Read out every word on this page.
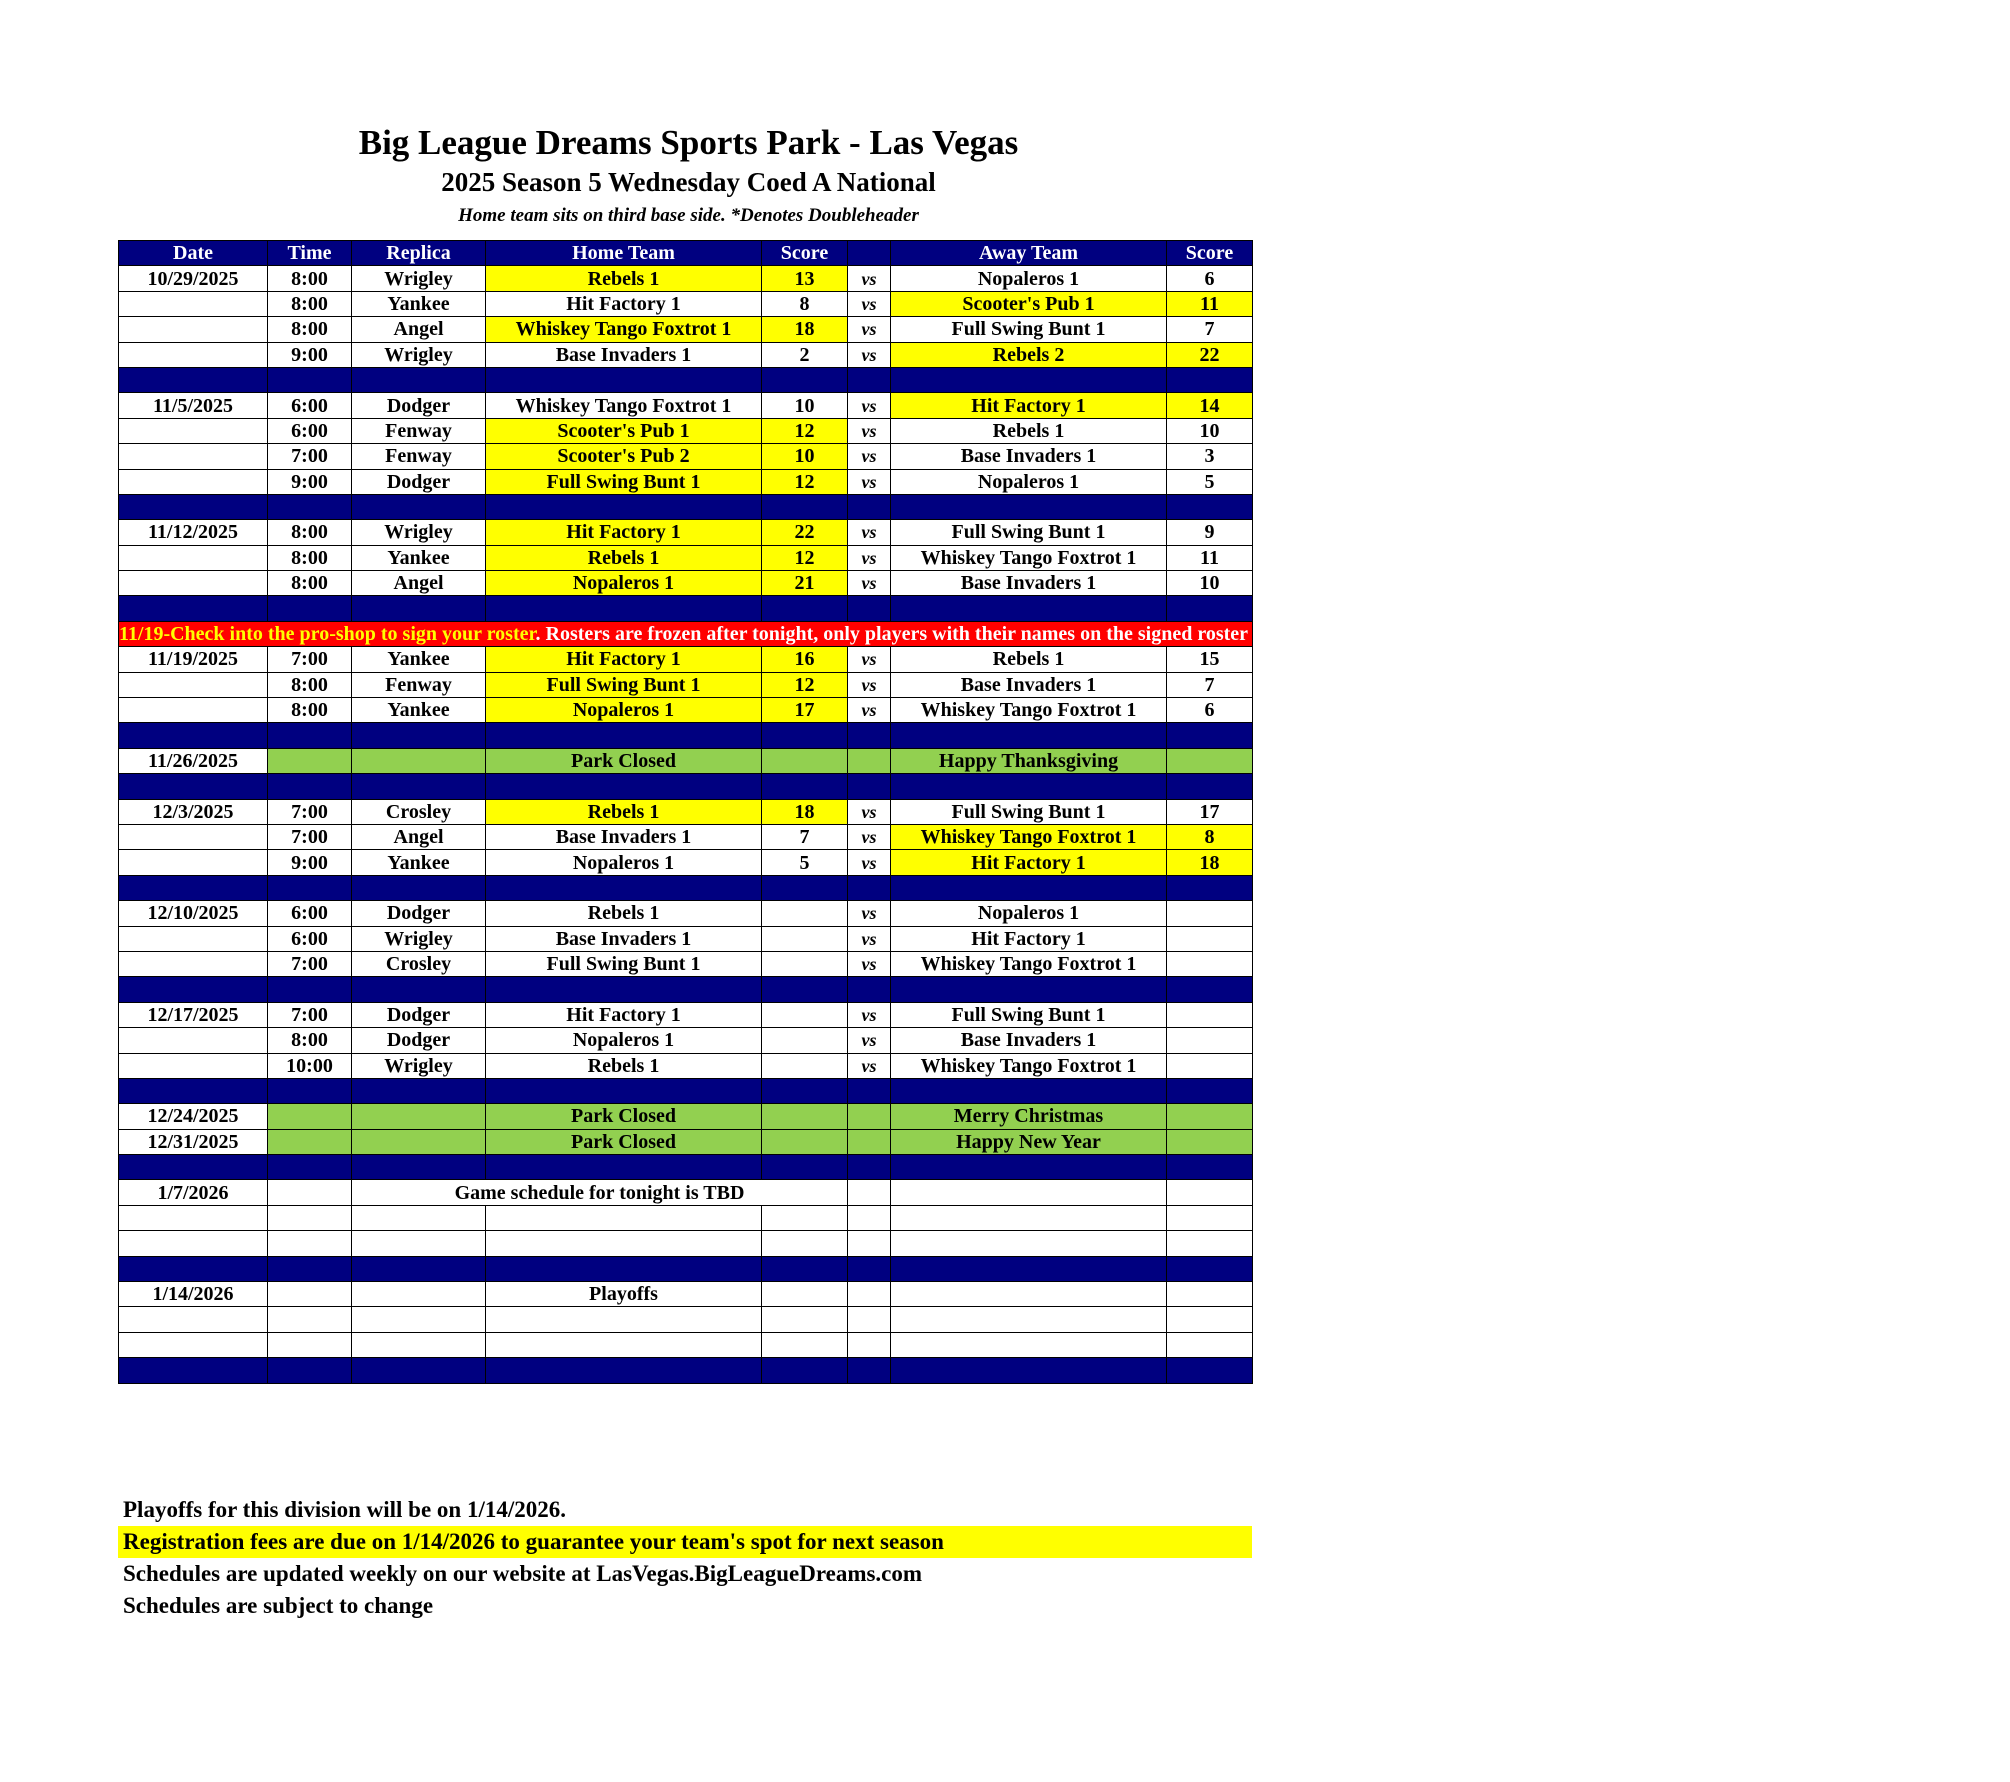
Big League Dreams Sports Park - Las Vegas
2025 Season 5 Wednesday Coed A National
Home team sits on third base side. *Denotes Doubleheader
Date	Time	Replica	Home Team	Score		Away Team	Score
10/29/2025	8:00	Wrigley	Rebels 1	13	vs	Nopaleros 1	6
	8:00	Yankee	Hit Factory 1	8	vs	Scooter's Pub 1	11
	8:00	Angel	Whiskey Tango Foxtrot 1	18	vs	Full Swing Bunt 1	7
	9:00	Wrigley	Base Invaders 1	2	vs	Rebels 2	22

11/5/2025	6:00	Dodger	Whiskey Tango Foxtrot 1	10	vs	Hit Factory 1	14
	6:00	Fenway	Scooter's Pub 1	12	vs	Rebels 1	10
	7:00	Fenway	Scooter's Pub 2	10	vs	Base Invaders 1	3
	9:00	Dodger	Full Swing Bunt 1	12	vs	Nopaleros 1	5

11/12/2025	8:00	Wrigley	Hit Factory 1	22	vs	Full Swing Bunt 1	9
	8:00	Yankee	Rebels 1	12	vs	Whiskey Tango Foxtrot 1	11
	8:00	Angel	Nopaleros 1	21	vs	Base Invaders 1	10

11/19-Check into the pro-shop to sign your roster. Rosters are frozen after tonight, only players with their names on the signed roster are eligible for playoffs. Please check carefully as changes will not be made for omissions.							
11/19/2025	7:00	Yankee	Hit Factory 1	16	vs	Rebels 1	15
	8:00	Fenway	Full Swing Bunt 1	12	vs	Base Invaders 1	7
	8:00	Yankee	Nopaleros 1	17	vs	Whiskey Tango Foxtrot 1	6

11/26/2025			Park Closed			Happy Thanksgiving	

12/3/2025	7:00	Crosley	Rebels 1	18	vs	Full Swing Bunt 1	17
	7:00	Angel	Base Invaders 1	7	vs	Whiskey Tango Foxtrot 1	8
	9:00	Yankee	Nopaleros 1	5	vs	Hit Factory 1	18

12/10/2025	6:00	Dodger	Rebels 1		vs	Nopaleros 1	
	6:00	Wrigley	Base Invaders 1		vs	Hit Factory 1	
	7:00	Crosley	Full Swing Bunt 1		vs	Whiskey Tango Foxtrot 1	

12/17/2025	7:00	Dodger	Hit Factory 1		vs	Full Swing Bunt 1	
	8:00	Dodger	Nopaleros 1		vs	Base Invaders 1	
	10:00	Wrigley	Rebels 1		vs	Whiskey Tango Foxtrot 1	

12/24/2025			Park Closed			Merry Christmas	
12/31/2025			Park Closed			Happy New Year	

1/7/2026		Game schedule for tonight is TBD					

1/14/2026			Playoffs				

Playoffs for this division will be on 1/14/2026.
Registration fees are due on 1/14/2026 to guarantee your team's spot for next season
Schedules are updated weekly on our website at LasVegas.BigLeagueDreams.com
Schedules are subject to change
